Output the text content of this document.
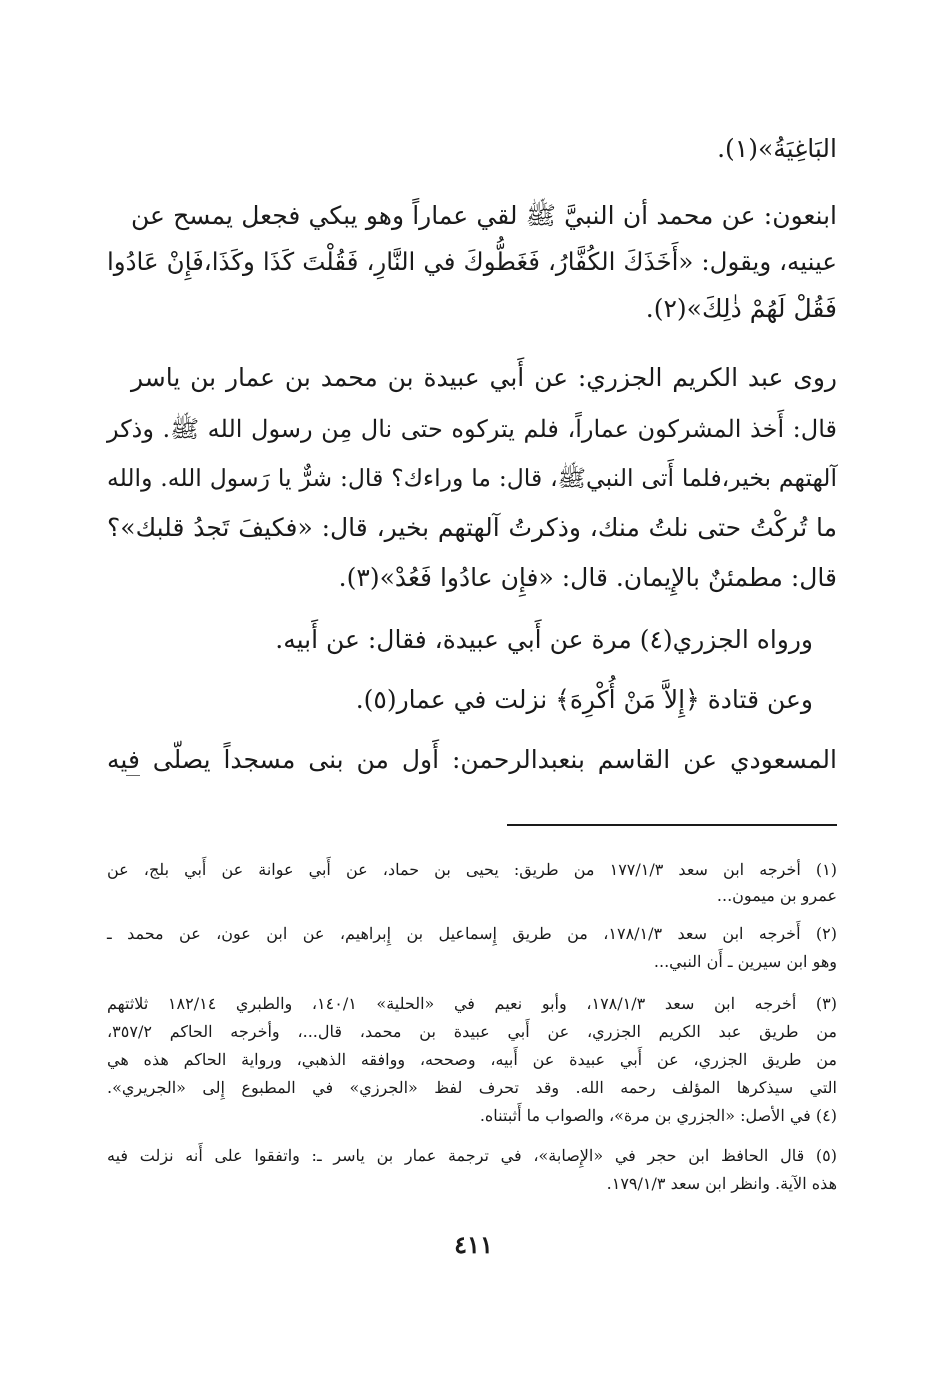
البَاغِيَةُ»(١).
ابنعون: عن محمد أن النبيَّ ﷺ لقي عماراً وهو يبكي فجعل يمسح عن
عينيه، ويقول: «أَخَذَكَ الكُفَّارُ، فَغَطُّوكَ في النَّارِ، فَقُلْتَ كَذَا وكَذَا،فَإِنْ عَادُوا
فَقُلْ لَهُمْ ذٰلِكَ»(٢).
روى عبد الكريم الجزري: عن أَبي عبيدة بن محمد بن عمار بن ياسر
قال: أَخذ المشركون عماراً، فلم يتركوه حتى نال مِن رسول الله ﷺ. وذكر
آلهتهم بخير،فلما أَتى النبيﷺ، قال: ما وراءك؟ قال: شرٌّ يا رَسول الله. والله
ما تُركْتُ حتى نلتُ منك، وذكرتُ آلهتهم بخير، قال: «فكيفَ تَجدُ قلبك»؟
قال: مطمئنٌ بالإِيمان. قال: «فإِن عادُوا فَعُدْ»(٣).
ورواه الجزري(٤) مرة عن أَبي عبيدة، فقال: عن أَبيه.
وعن قتادة ﴿إِلاَّ مَنْ أُكْرِهَ﴾ نزلت في عمار(٥).
المسعودي عن القاسم بنعبدالرحمن: أَول من بنى مسجداً يصلّى فيه
(١) أخرجه ابن سعد ١٧٧/١/٣ من طريق: يحيى بن حماد، عن أَبي عوانة عن أَبي بلج، عن
عمرو بن ميمون...
(٢) أَخرجه ابن سعد ١٧٨/١/٣، من طريق إِسماعيل بن إِبراهيم، عن ابن عون، عن محمد ـ
وهو ابن سيرين ـ أَن النبي...
(٣) أخرجه ابن سعد ١٧٨/١/٣، وأبو نعيم في «الحلية» ١٤٠/١، والطبري ١٨٢/١٤ ثلاثتهم
من طريق عبد الكريم الجزري، عن أَبي عبيدة بن محمد، قال...، وأخرجه الحاكم ٣٥٧/٢،
من طريق الجزري، عن أَبي عبيدة عن أَبيه، وصححه، ووافقه الذهبي، ورواية الحاكم هذه هي
التي سيذكرها المؤلف رحمه الله. وقد تحرف لفظ «الجرزي» في المطبوع إِلى «الجريري».
(٤) في الأصل: «الجزري بن مرة»، والصواب ما أَثبتناه.
(٥) قال الحافظ ابن حجر في «الإِصابة»، في ترجمة عمار بن ياسر ـ: واتفقوا على أَنه نزلت فيه
هذه الآية. وانظر ابن سعد ١٧٩/١/٣.
٤١١
